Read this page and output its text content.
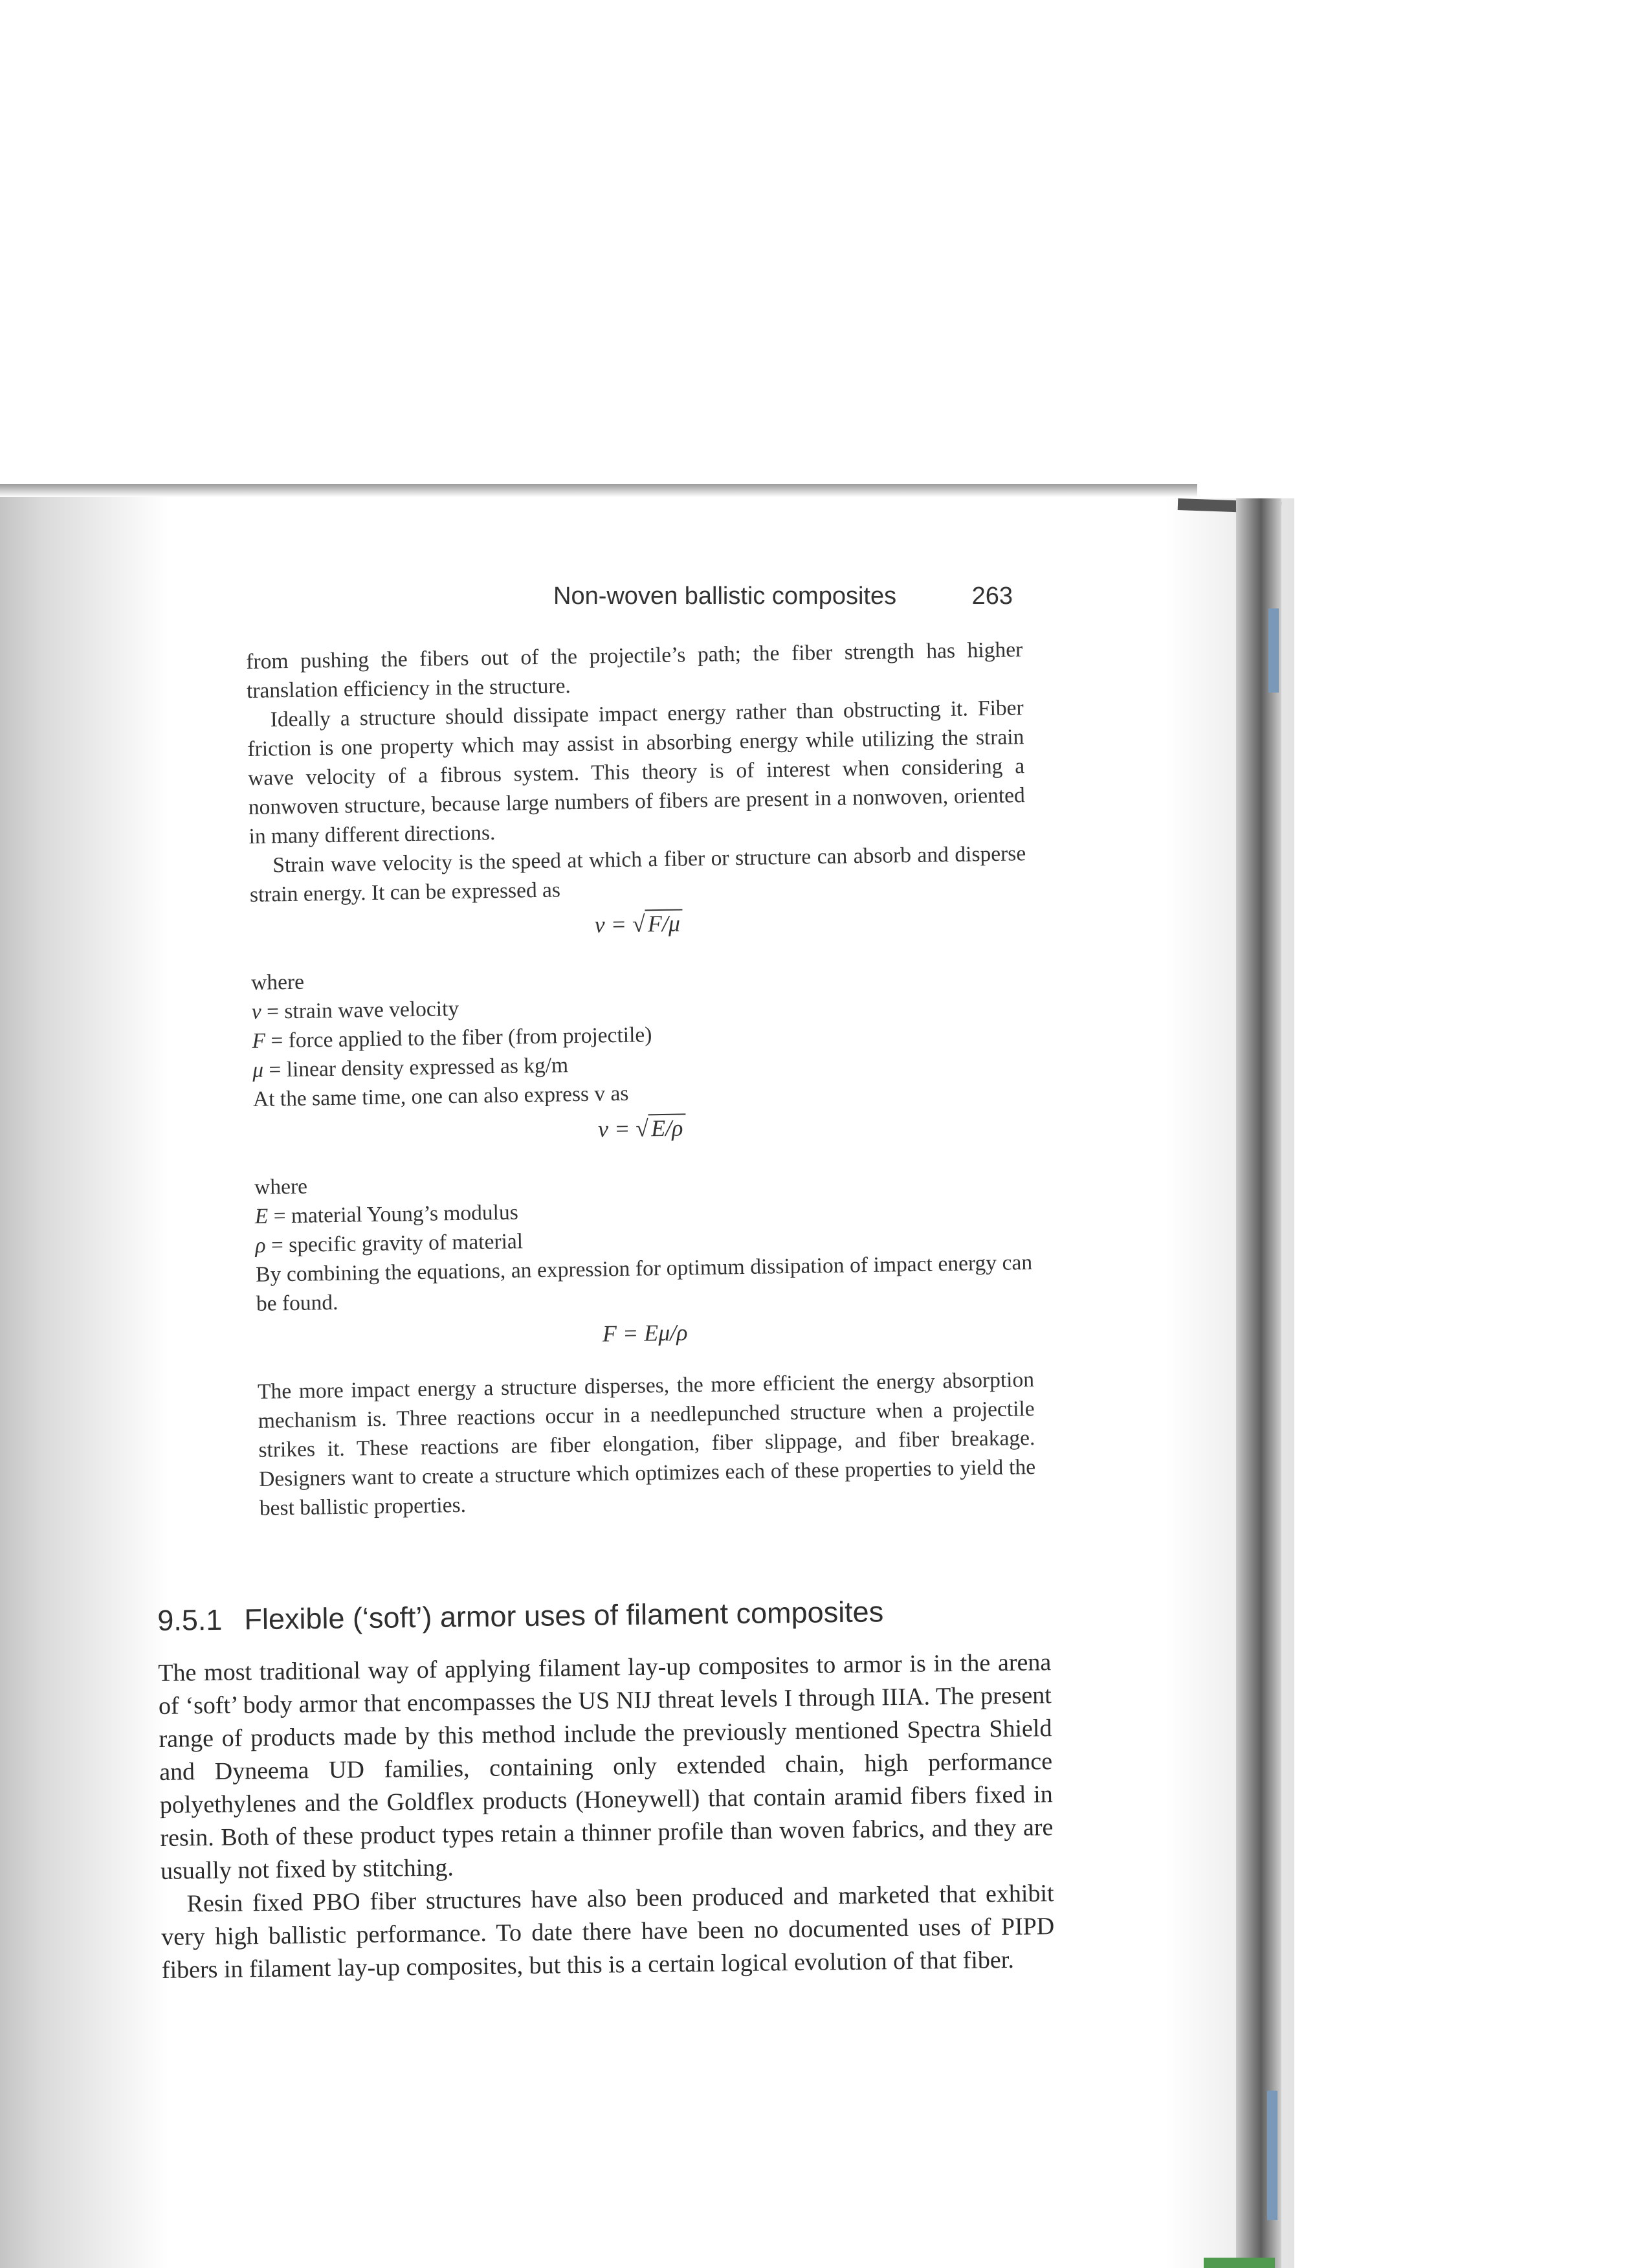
Non-woven ballistic composites	263

from pushing the fibers out of the projectile’s path; the fiber strength has higher translation efficiency in the structure.

Ideally a structure should dissipate impact energy rather than obstructing it. Fiber friction is one property which may assist in absorbing energy while utilizing the strain wave velocity of a fibrous system. This theory is of interest when considering a nonwoven structure, because large numbers of fibers are present in a nonwoven, oriented in many different directions.

Strain wave velocity is the speed at which a fiber or structure can absorb and disperse strain energy. It can be expressed as

v = √F/μ
where
v = strain wave velocity
F = force applied to the fiber (from projectile)
μ = linear density expressed as kg/m

At the same time, one can also express v as

v = √E/ρ
where
E = material Young’s modulus
ρ = specific gravity of material

By combining the equations, an expression for optimum dissipation of impact energy can be found.

F = Eμ/ρ

The more impact energy a structure disperses, the more efficient the energy absorption mechanism is. Three reactions occur in a needlepunched structure when a projectile strikes it. These reactions are fiber elongation, fiber slippage, and fiber breakage. Designers want to create a structure which optimizes each of these properties to yield the best ballistic properties.

9.5.1 Flexible (‘soft’) armor uses of filament composites

The most traditional way of applying filament lay-up composites to armor is in the arena of ‘soft’ body armor that encompasses the US NIJ threat levels I through IIIA. The present range of products made by this method include the previously mentioned Spectra Shield and Dyneema UD families, containing only extended chain, high performance polyethylenes and the Goldflex products (Honeywell) that contain aramid fibers fixed in resin. Both of these product types retain a thinner profile than woven fabrics, and they are usually not fixed by stitching.

Resin fixed PBO fiber structures have also been produced and marketed that exhibit very high ballistic performance. To date there have been no documented uses of PIPD fibers in filament lay-up composites, but this is a certain logical evolution of that fiber.
